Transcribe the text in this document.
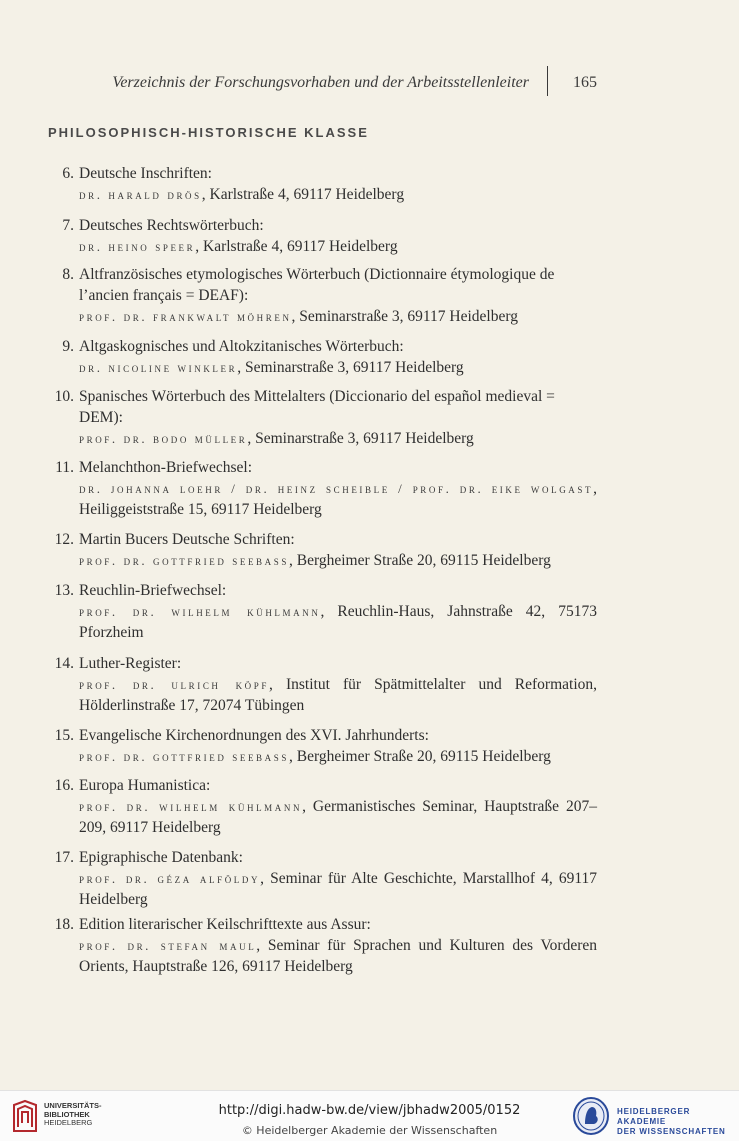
Verzeichnis der Forschungsvorhaben und der Arbeitsstellenleiter	165
PHILOSOPHISCH-HISTORISCHE KLASSE
6. Deutsche Inschriften:
dr. harald drös, Karlstraße 4, 69117 Heidelberg
7. Deutsches Rechtswörterbuch:
dr. heino speer, Karlstraße 4, 69117 Heidelberg
8. Altfranzösisches etymologisches Wörterbuch (Dictionnaire étymologique de
l’ancien français = DEAF):
prof. dr. frankwalt möhren, Seminarstraße 3, 69117 Heidelberg
9. Altgaskognisches und Altokzitanisches Wörterbuch:
dr. nicoline winkler, Seminarstraße 3, 69117 Heidelberg
10. Spanisches Wörterbuch des Mittelalters (Diccionario del español medieval =
DEM):
prof. dr. bodo müller, Seminarstraße 3, 69117 Heidelberg
11. Melanchthon-Briefwechsel:
dr. johanna loehr / dr. heinz scheible / prof. dr. eike wolgast, Heiliggeiststraße 15, 69117 Heidelberg
12. Martin Bucers Deutsche Schriften:
prof. dr. gottfried seebass, Bergheimer Straße 20, 69115 Heidelberg
13. Reuchlin-Briefwechsel:
prof. dr. wilhelm kühlmann, Reuchlin-Haus, Jahnstraße 42, 75173 Pforzheim
14. Luther-Register:
prof. dr. ulrich köpf, Institut für Spätmittelalter und Reformation, Hölderlinstraße 17, 72074 Tübingen
15. Evangelische Kirchenordnungen des XVI. Jahrhunderts:
prof. dr. gottfried seebass, Bergheimer Straße 20, 69115 Heidelberg
16. Europa Humanistica:
prof. dr. wilhelm kühlmann, Germanistisches Seminar, Hauptstraße 207–209, 69117 Heidelberg
17. Epigraphische Datenbank:
prof. dr. géza alföldy, Seminar für Alte Geschichte, Marstallhof 4, 69117 Heidelberg
18. Edition literarischer Keilschrifttexte aus Assur:
prof. dr. stefan maul, Seminar für Sprachen und Kulturen des Vorderen Orients, Hauptstraße 126, 69117 Heidelberg
UNIVERSITÄTS-
BIBLIOTHEK
HEIDELBERG
http://digi.hadw-bw.de/view/jbhadw2005/0152
© Heidelberger Akademie der Wissenschaften
HEIDELBERGER AKADEMIE
DER WISSENSCHAFTEN
